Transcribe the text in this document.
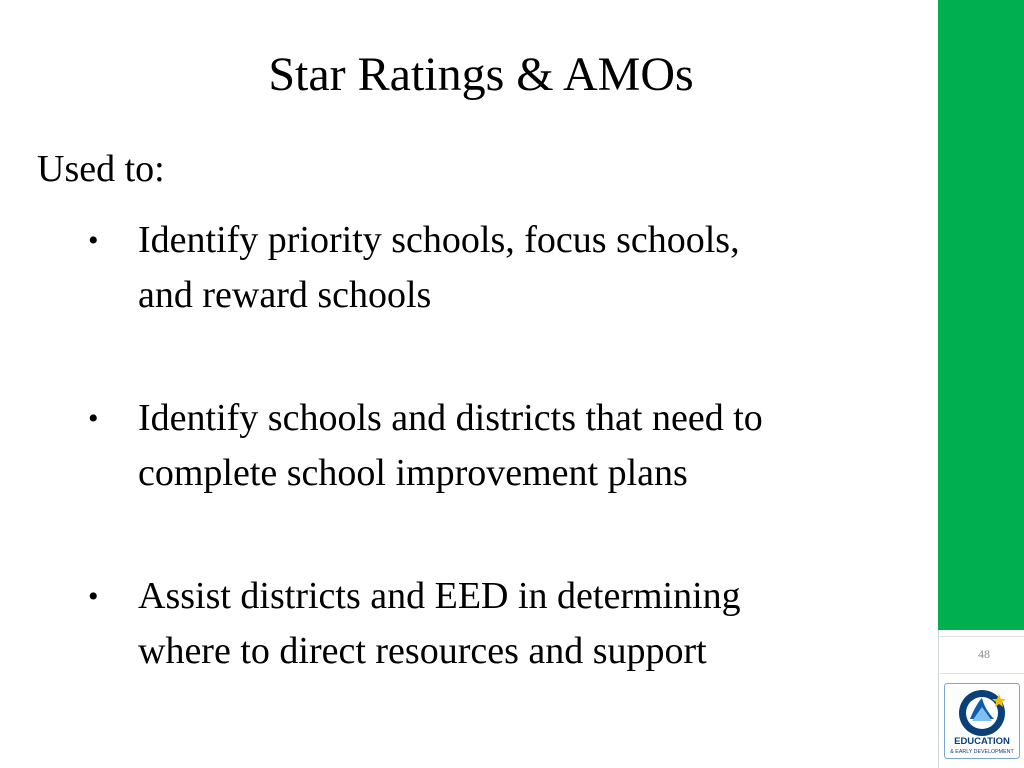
Star Ratings & AMOs
Used to:
• Identify priority schools, focus schools,
and reward schools
• Identify schools and districts that need to
complete school improvement plans
• Assist districts and EED in determining
where to direct resources and support	48
EDUCATION
& EARLY DEVELOPMENT
